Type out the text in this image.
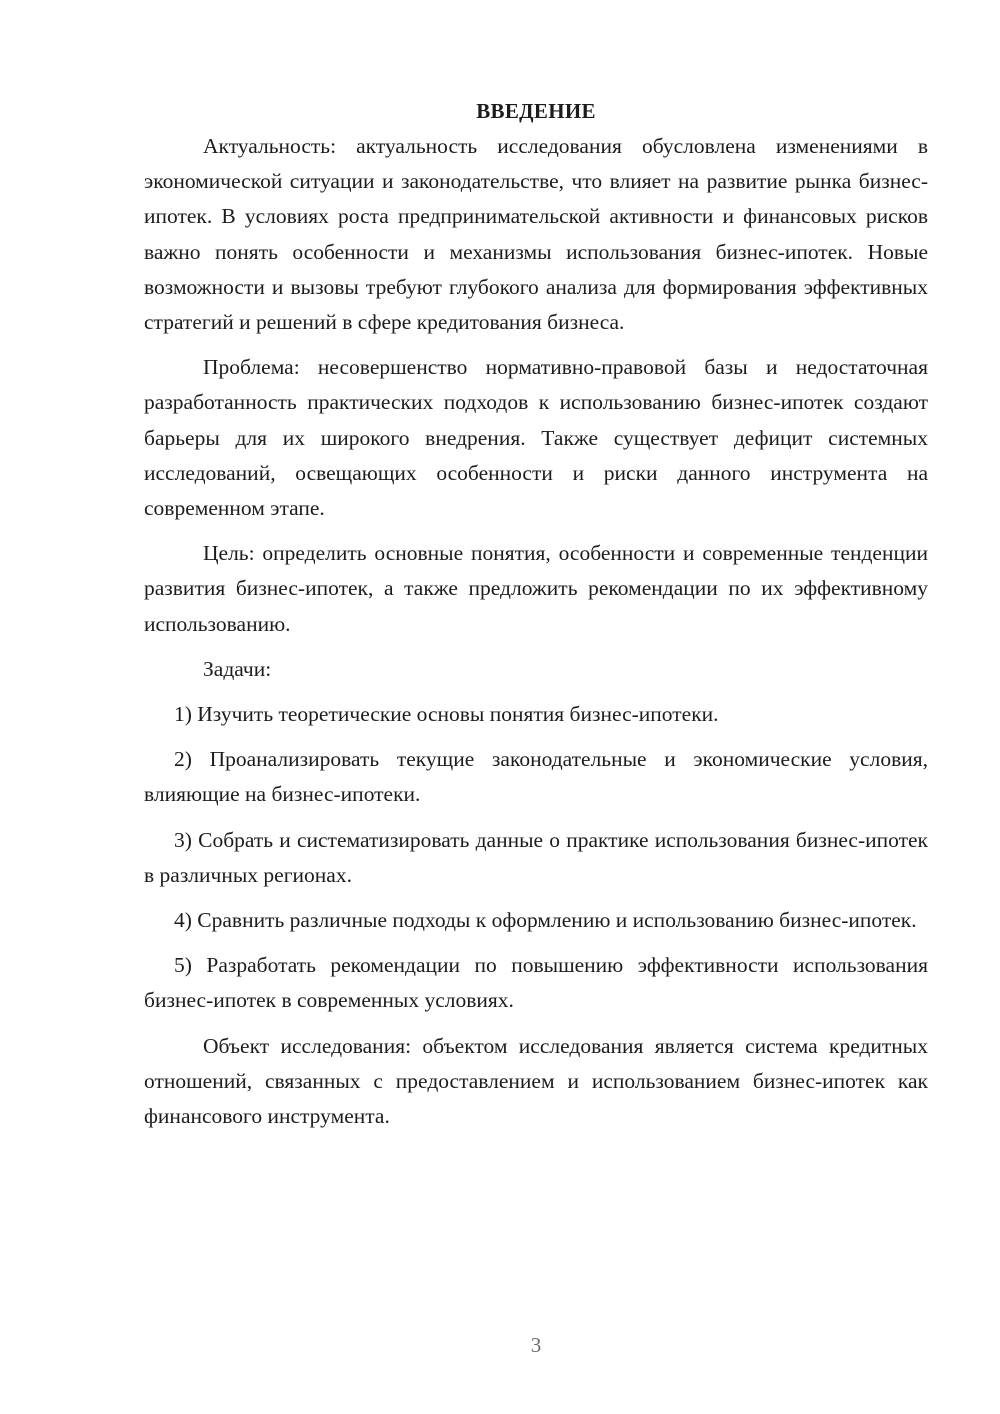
ВВЕДЕНИЕ

Актуальность: актуальность исследования обусловлена изменениями в экономической ситуации и законодательстве, что влияет на развитие рынка бизнес-ипотек. В условиях роста предпринимательской активности и финансовых рисков важно понять особенности и механизмы использования бизнес-ипотек. Новые возможности и вызовы требуют глубокого анализа для формирования эффективных стратегий и решений в сфере кредитования бизнеса.

Проблема: несовершенство нормативно-правовой базы и недостаточная разработанность практических подходов к использованию бизнес-ипотек создают барьеры для их широкого внедрения. Также существует дефицит системных исследований, освещающих особенности и риски данного инструмента на современном этапе.

Цель: определить основные понятия, особенности и современные тенденции развития бизнес-ипотек, а также предложить рекомендации по их эффективному использованию.

Задачи:

1) Изучить теоретические основы понятия бизнес-ипотеки.

2) Проанализировать текущие законодательные и экономические условия, влияющие на бизнес-ипотеки.

3) Собрать и систематизировать данные о практике использования бизнес-ипотек в различных регионах.

4) Сравнить различные подходы к оформлению и использованию бизнес-ипотек.

5) Разработать рекомендации по повышению эффективности использования бизнес-ипотек в современных условиях.

Объект исследования: объектом исследования является система кредитных отношений, связанных с предоставлением и использованием бизнес-ипотек как финансового инструмента.

3
